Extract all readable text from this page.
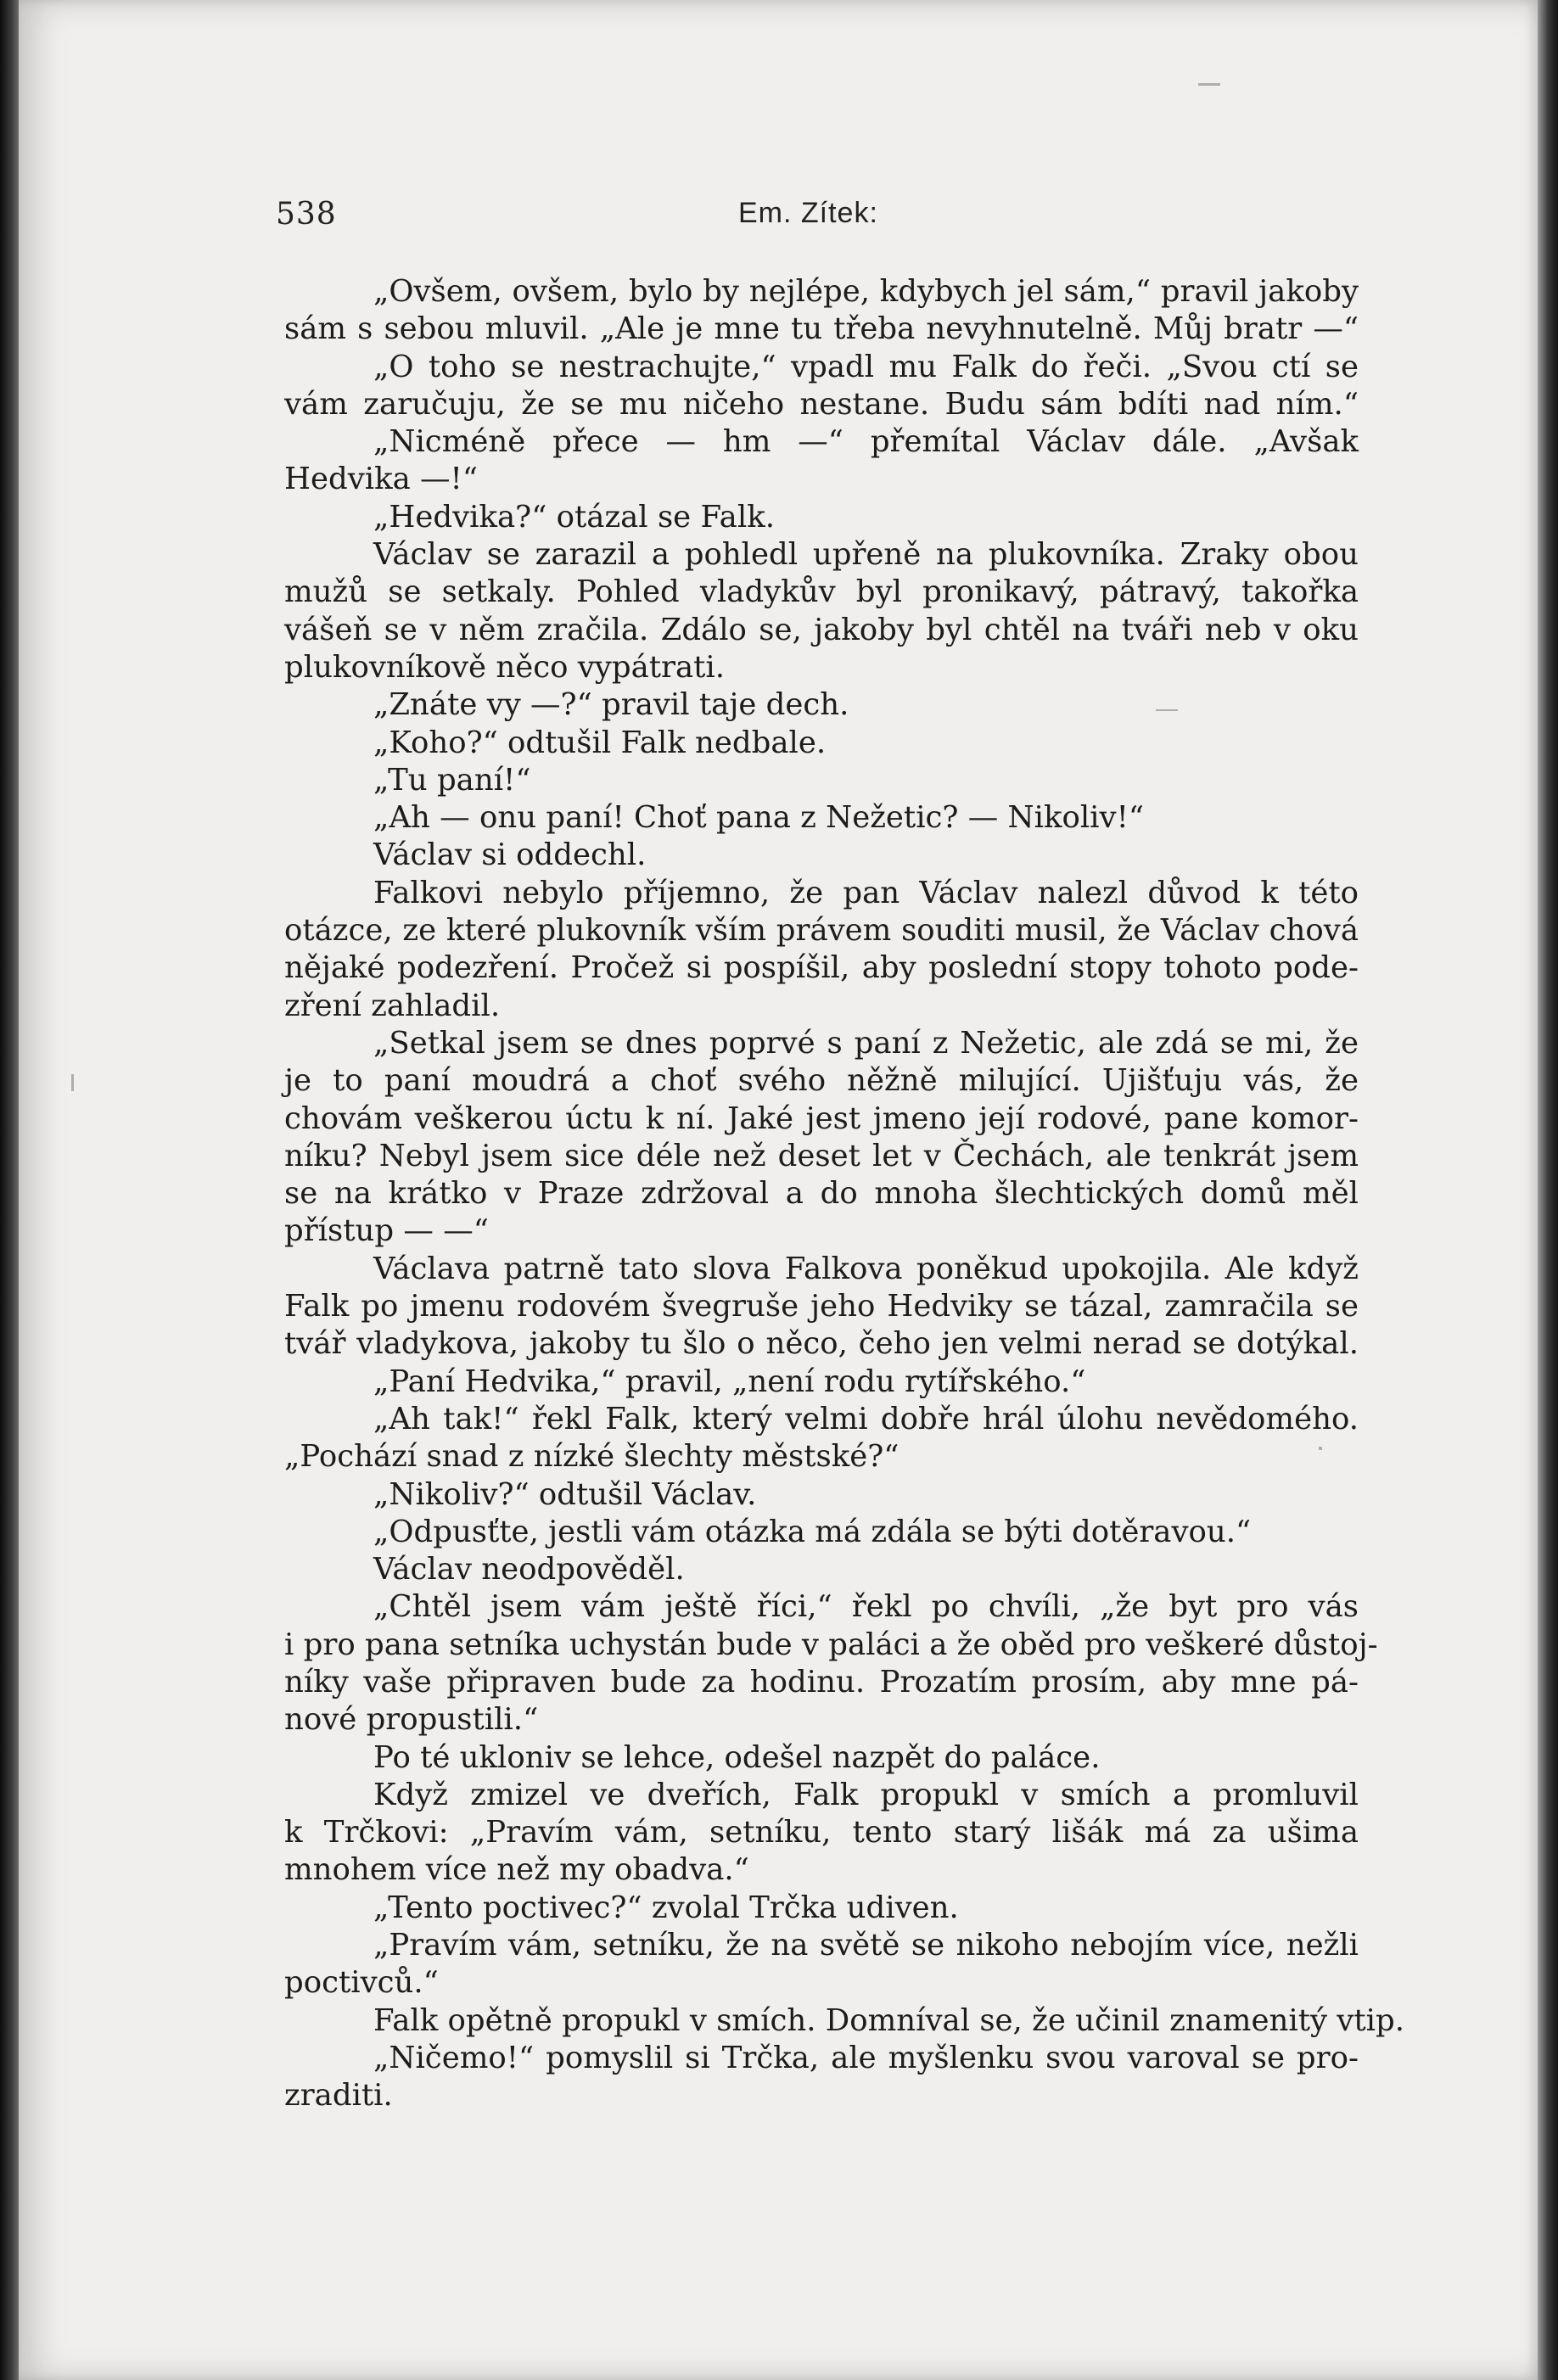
538	Em. Zítek:
„Ovšem, ovšem, bylo by nejlépe, kdybych jel sám,“ pravil jakoby
sám s sebou mluvil. „Ale je mne tu třeba nevyhnutelně. Můj bratr —“
„O toho se nestrachujte,“ vpadl mu Falk do řeči. „Svou ctí se
vám zaručuju, že se mu ničeho nestane. Budu sám bdíti nad ním.“
„Nicméně přece — hm —“ přemítal Václav dále. „Avšak
Hedvika —!“
„Hedvika?“ otázal se Falk.
Václav se zarazil a pohledl upřeně na plukovníka. Zraky obou
mužů se setkaly. Pohled vladykův byl pronikavý, pátravý, takořka
vášeň se v něm zračila. Zdálo se, jakoby byl chtěl na tváři neb v oku
plukovníkově něco vypátrati.
„Znáte vy —?“ pravil taje dech.
„Koho?“ odtušil Falk nedbale.
„Tu paní!“
„Ah — onu paní! Choť pana z Nežetic? — Nikoliv!“
Václav si oddechl.
Falkovi nebylo příjemno, že pan Václav nalezl důvod k této
otázce, ze které plukovník vším právem souditi musil, že Václav chová
nějaké podezření. Pročež si pospíšil, aby poslední stopy tohoto pode-
zření zahladil.
„Setkal jsem se dnes poprvé s paní z Nežetic, ale zdá se mi, že
je to paní moudrá a choť svého něžně milující. Ujišťuju vás, že
chovám veškerou úctu k ní. Jaké jest jmeno její rodové, pane komor-
níku? Nebyl jsem sice déle než deset let v Čechách, ale tenkrát jsem
se na krátko v Praze zdržoval a do mnoha šlechtických domů měl
přístup — —“
Václava patrně tato slova Falkova poněkud upokojila. Ale když
Falk po jmenu rodovém švegruše jeho Hedviky se tázal, zamračila se
tvář vladykova, jakoby tu šlo o něco, čeho jen velmi nerad se dotýkal.
„Paní Hedvika,“ pravil, „není rodu rytířského.“
„Ah tak!“ řekl Falk, který velmi dobře hrál úlohu nevědomého.
„Pochází snad z nízké šlechty městské?“
„Nikoliv?“ odtušil Václav.
„Odpusťte, jestli vám otázka má zdála se býti dotěravou.“
Václav neodpověděl.
„Chtěl jsem vám ještě říci,“ řekl po chvíli, „že byt pro vás
i pro pana setníka uchystán bude v paláci a že oběd pro veškeré důstoj-
níky vaše připraven bude za hodinu. Prozatím prosím, aby mne pá-
nové propustili.“
Po té ukloniv se lehce, odešel nazpět do paláce.
Když zmizel ve dveřích, Falk propukl v smích a promluvil
k Trčkovi: „Pravím vám, setníku, tento starý lišák má za ušima
mnohem více než my obadva.“
„Tento poctivec?“ zvolal Trčka udiven.
„Pravím vám, setníku, že na světě se nikoho nebojím více, nežli
poctivců.“
Falk opětně propukl v smích. Domníval se, že učinil znamenitý vtip.
„Ničemo!“ pomyslil si Trčka, ale myšlenku svou varoval se pro-
zraditi.
